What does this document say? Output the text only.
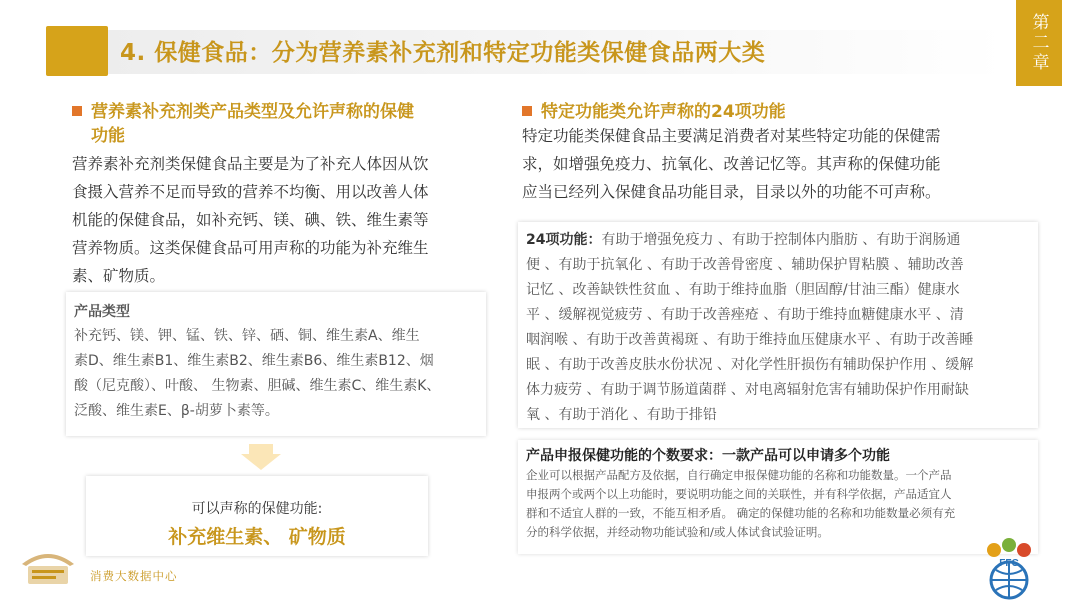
4. 保健食品：分为营养素补充剂和特定功能类保健食品两大类	第二章
营养素补充剂类产品类型及允许声称的保健
功能
营养素补充剂类保健食品主要是为了补充人体因从饮
食摄入营养不足而导致的营养不均衡、用以改善人体
机能的保健食品，如补充钙、镁、碘、铁、维生素等
营养物质。这类保健食品可用声称的功能为补充维生
素、矿物质。
产品类型
补充钙、镁、钾、锰、铁、锌、硒、铜、维生素A、维生
素D、维生素B1、维生素B2、维生素B6、维生素B12、烟
酸（尼克酸）、叶酸、 生物素、胆碱、维生素C、维生素K、
泛酸、维生素E、β-胡萝卜素等。
可以声称的保健功能:
补充维生素、 矿物质
特定功能类允许声称的24项功能
特定功能类保健食品主要满足消费者对某些特定功能的保健需
求，如增强免疫力、抗氧化、改善记忆等。其声称的保健功能
应当已经列入保健食品功能目录，目录以外的功能不可声称。
24项功能：有助于增强免疫力 、有助于控制体内脂肪 、有助于润肠通
便 、有助于抗氧化 、有助于改善骨密度 、辅助保护胃粘膜 、辅助改善
记忆 、改善缺铁性贫血 、有助于维持血脂（胆固醇/甘油三酯）健康水
平 、缓解视觉疲劳 、有助于改善痤疮 、有助于维持血糖健康水平 、清
咽润喉 、有助于改善黄褐斑 、有助于维持血压健康水平 、有助于改善睡
眠 、有助于改善皮肤水份状况 、对化学性肝损伤有辅助保护作用 、缓解
体力疲劳 、有助于调节肠道菌群 、对电离辐射危害有辅助保护作用耐缺
氧 、有助于消化 、有助于排铅
产品申报保健功能的个数要求：一款产品可以申请多个功能
企业可以根据产品配方及依据，自行确定申报保健功能的名称和功能数量。一个产品
申报两个或两个以上功能时，要说明功能之间的关联性，并有科学依据，产品适宜人
群和不适宜人群的一致，不能互相矛盾。 确定的保健功能的名称和功能数量必须有充
分的科学依据，并经动物功能试验和/或人体试食试验证明。
消费大数据中心
FFC
